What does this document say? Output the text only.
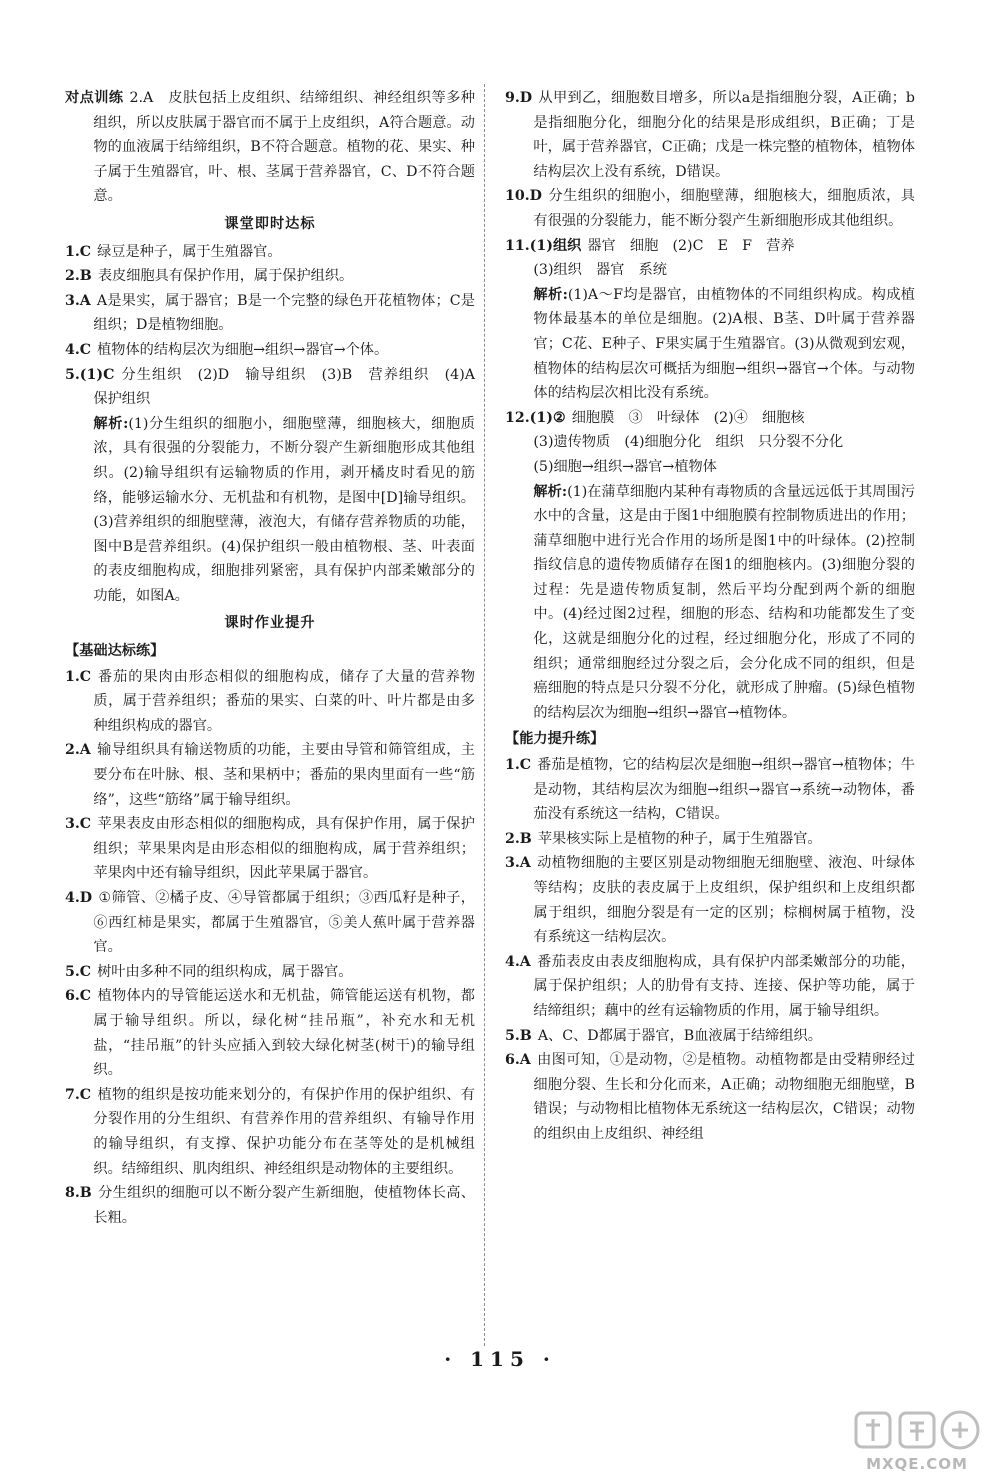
对点训练 2.A　皮肤包括上皮组织、结缔组织、神经组织等多种组织，所以皮肤属于器官而不属于上皮组织，A符合题意。动物的血液属于结缔组织，B不符合题意。植物的花、果实、种子属于生殖器官，叶、根、茎属于营养器官，C、D不符合题意。

课堂即时达标

1.C 绿豆是种子，属于生殖器官。

2.B 表皮细胞具有保护作用，属于保护组织。

3.A A是果实，属于器官；B是一个完整的绿色开花植物体；C是组织；D是植物细胞。

4.C 植物体的结构层次为细胞→组织→器官→个体。

5.(1)C 分生组织　(2)D　输导组织　(3)B　营养组织　(4)A　保护组织

解析:(1)分生组织的细胞小，细胞壁薄，细胞核大，细胞质浓，具有很强的分裂能力，不断分裂产生新细胞形成其他组织。(2)输导组织有运输物质的作用，剥开橘皮时看见的筋络，能够运输水分、无机盐和有机物，是图中[D]输导组织。(3)营养组织的细胞壁薄，液泡大，有储存营养物质的功能，图中B是营养组织。(4)保护组织一般由植物根、茎、叶表面的表皮细胞构成，细胞排列紧密，具有保护内部柔嫩部分的功能，如图A。

课时作业提升
【基础达标练】

1.C 番茄的果肉由形态相似的细胞构成，储存了大量的营养物质，属于营养组织；番茄的果实、白菜的叶、叶片都是由多种组织构成的器官。

2.A 输导组织具有输送物质的功能，主要由导管和筛管组成，主要分布在叶脉、根、茎和果柄中；番茄的果肉里面有一些“筋络”，这些“筋络”属于输导组织。

3.C 苹果表皮由形态相似的细胞构成，具有保护作用，属于保护组织；苹果果肉是由形态相似的细胞构成，属于营养组织；苹果肉中还有输导组织，因此苹果属于器官。

4.D ①筛管、②橘子皮、④导管都属于组织；③西瓜籽是种子，⑥西红柿是果实，都属于生殖器官，⑤美人蕉叶属于营养器官。

5.C 树叶由多种不同的组织构成，属于器官。

6.C 植物体内的导管能运送水和无机盐，筛管能运送有机物，都属于输导组织。所以，绿化树“挂吊瓶”，补充水和无机盐，“挂吊瓶”的针头应插入到较大绿化树茎(树干)的输导组织。

7.C 植物的组织是按功能来划分的，有保护作用的保护组织、有分裂作用的分生组织、有营养作用的营养组织、有输导作用的输导组织，有支撑、保护功能分布在茎等处的是机械组织。结缔组织、肌肉组织、神经组织是动物体的主要组织。

8.B 分生组织的细胞可以不断分裂产生新细胞，使植物体长高、长粗。

9.D 从甲到乙，细胞数目增多，所以a是指细胞分裂，A正确；b是指细胞分化，细胞分化的结果是形成组织，B正确；丁是叶，属于营养器官，C正确；戊是一株完整的植物体，植物体结构层次上没有系统，D错误。

10.D 分生组织的细胞小，细胞壁薄，细胞核大，细胞质浓，具有很强的分裂能力，能不断分裂产生新细胞形成其他组织。

11.(1)组织 器官　细胞　(2)C　E　F　营养

(3)组织　器官　系统

解析:(1)A～F均是器官，由植物体的不同组织构成。构成植物体最基本的单位是细胞。(2)A根、B茎、D叶属于营养器官；C花、E种子、F果实属于生殖器官。(3)从微观到宏观，植物体的结构层次可概括为细胞→组织→器官→个体。与动物体的结构层次相比没有系统。

12.(1)② 细胞膜　③　叶绿体　(2)④　细胞核

(3)遗传物质　(4)细胞分化　组织　只分裂不分化

(5)细胞→组织→器官→植物体

解析:(1)在蒲草细胞内某种有毒物质的含量远远低于其周围污水中的含量，这是由于图1中细胞膜有控制物质进出的作用；蒲草细胞中进行光合作用的场所是图1中的叶绿体。(2)控制指纹信息的遗传物质储存在图1的细胞核内。(3)细胞分裂的过程：先是遗传物质复制，然后平均分配到两个新的细胞中。(4)经过图2过程，细胞的形态、结构和功能都发生了变化，这就是细胞分化的过程，经过细胞分化，形成了不同的组织；通常细胞经过分裂之后，会分化成不同的组织，但是癌细胞的特点是只分裂不分化，就形成了肿瘤。(5)绿色植物的结构层次为细胞→组织→器官→植物体。

【能力提升练】

1.C 番茄是植物，它的结构层次是细胞→组织→器官→植物体；牛是动物，其结构层次为细胞→组织→器官→系统→动物体，番茄没有系统这一结构，C错误。

2.B 苹果核实际上是植物的种子，属于生殖器官。

3.A 动植物细胞的主要区别是动物细胞无细胞壁、液泡、叶绿体等结构；皮肤的表皮属于上皮组织，保护组织和上皮组织都属于组织，细胞分裂是有一定的区别；棕榈树属于植物，没有系统这一结构层次。

4.A 番茄表皮由表皮细胞构成，具有保护内部柔嫩部分的功能，属于保护组织；人的肋骨有支持、连接、保护等功能，属于结缔组织；藕中的丝有运输物质的作用，属于输导组织。

5.B A、C、D都属于器官，B血液属于结缔组织。

6.A 由图可知，①是动物，②是植物。动植物都是由受精卵经过细胞分裂、生长和分化而来，A正确；动物细胞无细胞壁，B错误；与动物相比植物体无系统这一结构层次，C错误；动物的组织由上皮组织、神经组

· 115 ·
MXQE.COM
